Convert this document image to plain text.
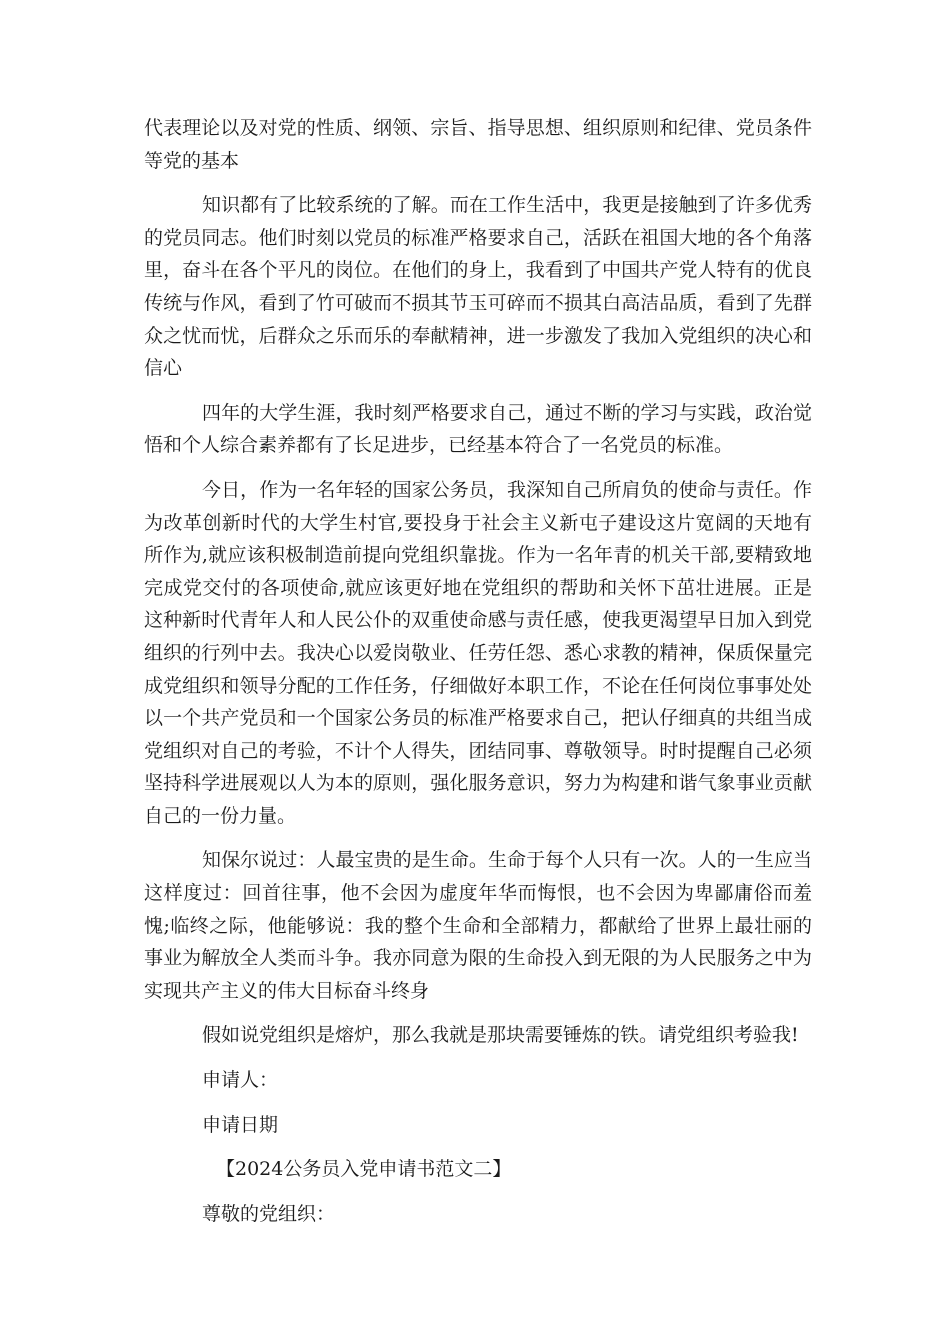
代表理论以及对党的性质、纲领、宗旨、指导思想、组织原则和纪律、党员条件等党的基本

知识都有了比较系统的了解。而在工作生活中，我更是接触到了许多优秀的党员同志。他们时刻以党员的标准严格要求自己，活跃在祖国大地的各个角落里，奋斗在各个平凡的岗位。在他们的身上，我看到了中国共产党人特有的优良传统与作风，看到了竹可破而不损其节玉可碎而不损其白高洁品质，看到了先群众之忧而忧，后群众之乐而乐的奉献精神，进一步激发了我加入党组织的决心和信心

四年的大学生涯，我时刻严格要求自己，通过不断的学习与实践，政治觉悟和个人综合素养都有了长足进步，已经基本符合了一名党员的标准。

今日，作为一名年轻的国家公务员，我深知自己所肩负的使命与责任。作为改革创新时代的大学生村官,要投身于社会主义新屯子建设这片宽阔的天地有所作为,就应该积极制造前提向党组织靠拢。作为一名年青的机关干部,要精致地完成党交付的各项使命,就应该更好地在党组织的帮助和关怀下茁壮进展。正是这种新时代青年人和人民公仆的双重使命感与责任感，使我更渴望早日加入到党组织的行列中去。我决心以爱岗敬业、任劳任怨、悉心求教的精神，保质保量完成党组织和领导分配的工作任务，仔细做好本职工作，不论在任何岗位事事处处以一个共产党员和一个国家公务员的标准严格要求自己，把认仔细真的共组当成党组织对自己的考验，不计个人得失，团结同事、尊敬领导。时时提醒自己必须坚持科学进展观以人为本的原则，强化服务意识，努力为构建和谐气象事业贡献自己的一份力量。

知保尔说过：人最宝贵的是生命。生命于每个人只有一次。人的一生应当这样度过：回首往事，他不会因为虚度年华而悔恨，也不会因为卑鄙庸俗而羞愧;临终之际，他能够说：我的整个生命和全部精力，都献给了世界上最壮丽的事业为解放全人类而斗争。我亦同意为限的生命投入到无限的为人民服务之中为实现共产主义的伟大目标奋斗终身

假如说党组织是熔炉，那么我就是那块需要锤炼的铁。请党组织考验我!

申请人：

申请日期

【2024公务员入党申请书范文二】

尊敬的党组织：
